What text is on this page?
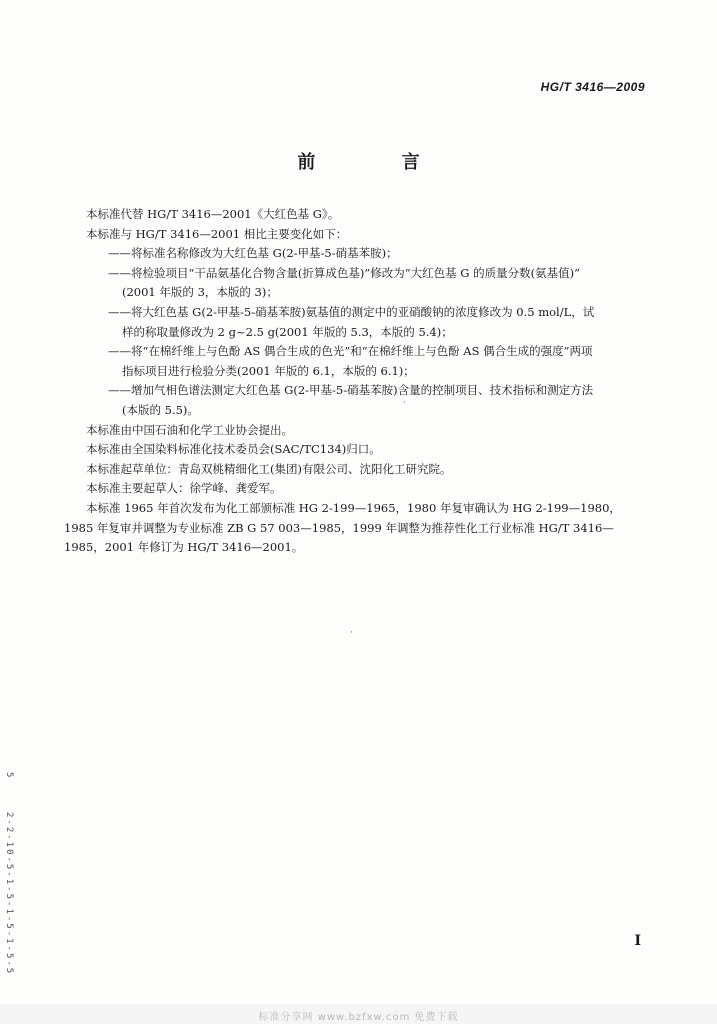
HG/T 3416—2009
前 言
本标准代替 HG/T 3416—2001《大红色基 G》。
本标准与 HG/T 3416—2001 相比主要变化如下：
——将标准名称修改为大红色基 G(2-甲基-5-硝基苯胺)；
——将检验项目“干品氨基化合物含量(折算成色基)”修改为“大红色基 G 的质量分数(氨基值)”
(2001 年版的 3，本版的 3)；
——将大红色基 G(2-甲基-5-硝基苯胺)氨基值的测定中的亚硝酸钠的浓度修改为 0.5 mol/L，试
样的称取量修改为 2 g~2.5 g(2001 年版的 5.3，本版的 5.4)；
——将“在棉纤维上与色酚 AS 偶合生成的色光”和“在棉纤维上与色酚 AS 偶合生成的强度”两项
指标项目进行检验分类(2001 年版的 6.1，本版的 6.1)；
——增加气相色谱法测定大红色基 G(2-甲基-5-硝基苯胺)含量的控制项目、技术指标和测定方法
(本版的 5.5)。
本标准由中国石油和化学工业协会提出。
本标准由全国染料标准化技术委员会(SAC/TC134)归口。
本标准起草单位：青岛双桃精细化工(集团)有限公司、沈阳化工研究院。
本标准主要起草人：徐学峰、龚爱军。
本标准 1965 年首次发布为化工部颁标准 HG 2-199—1965，1980 年复审确认为 HG 2-199—1980，
1985 年复审并调整为专业标准 ZB G 57 003—1985，1999 年调整为推荐性化工行业标准 HG/T 3416—
1985，2001 年修订为 HG/T 3416—2001。
·
·
5
2-2-10-5-1-5-1-5-1-5-5	I
标准分享网 www.bzfxw.com 免费下载
